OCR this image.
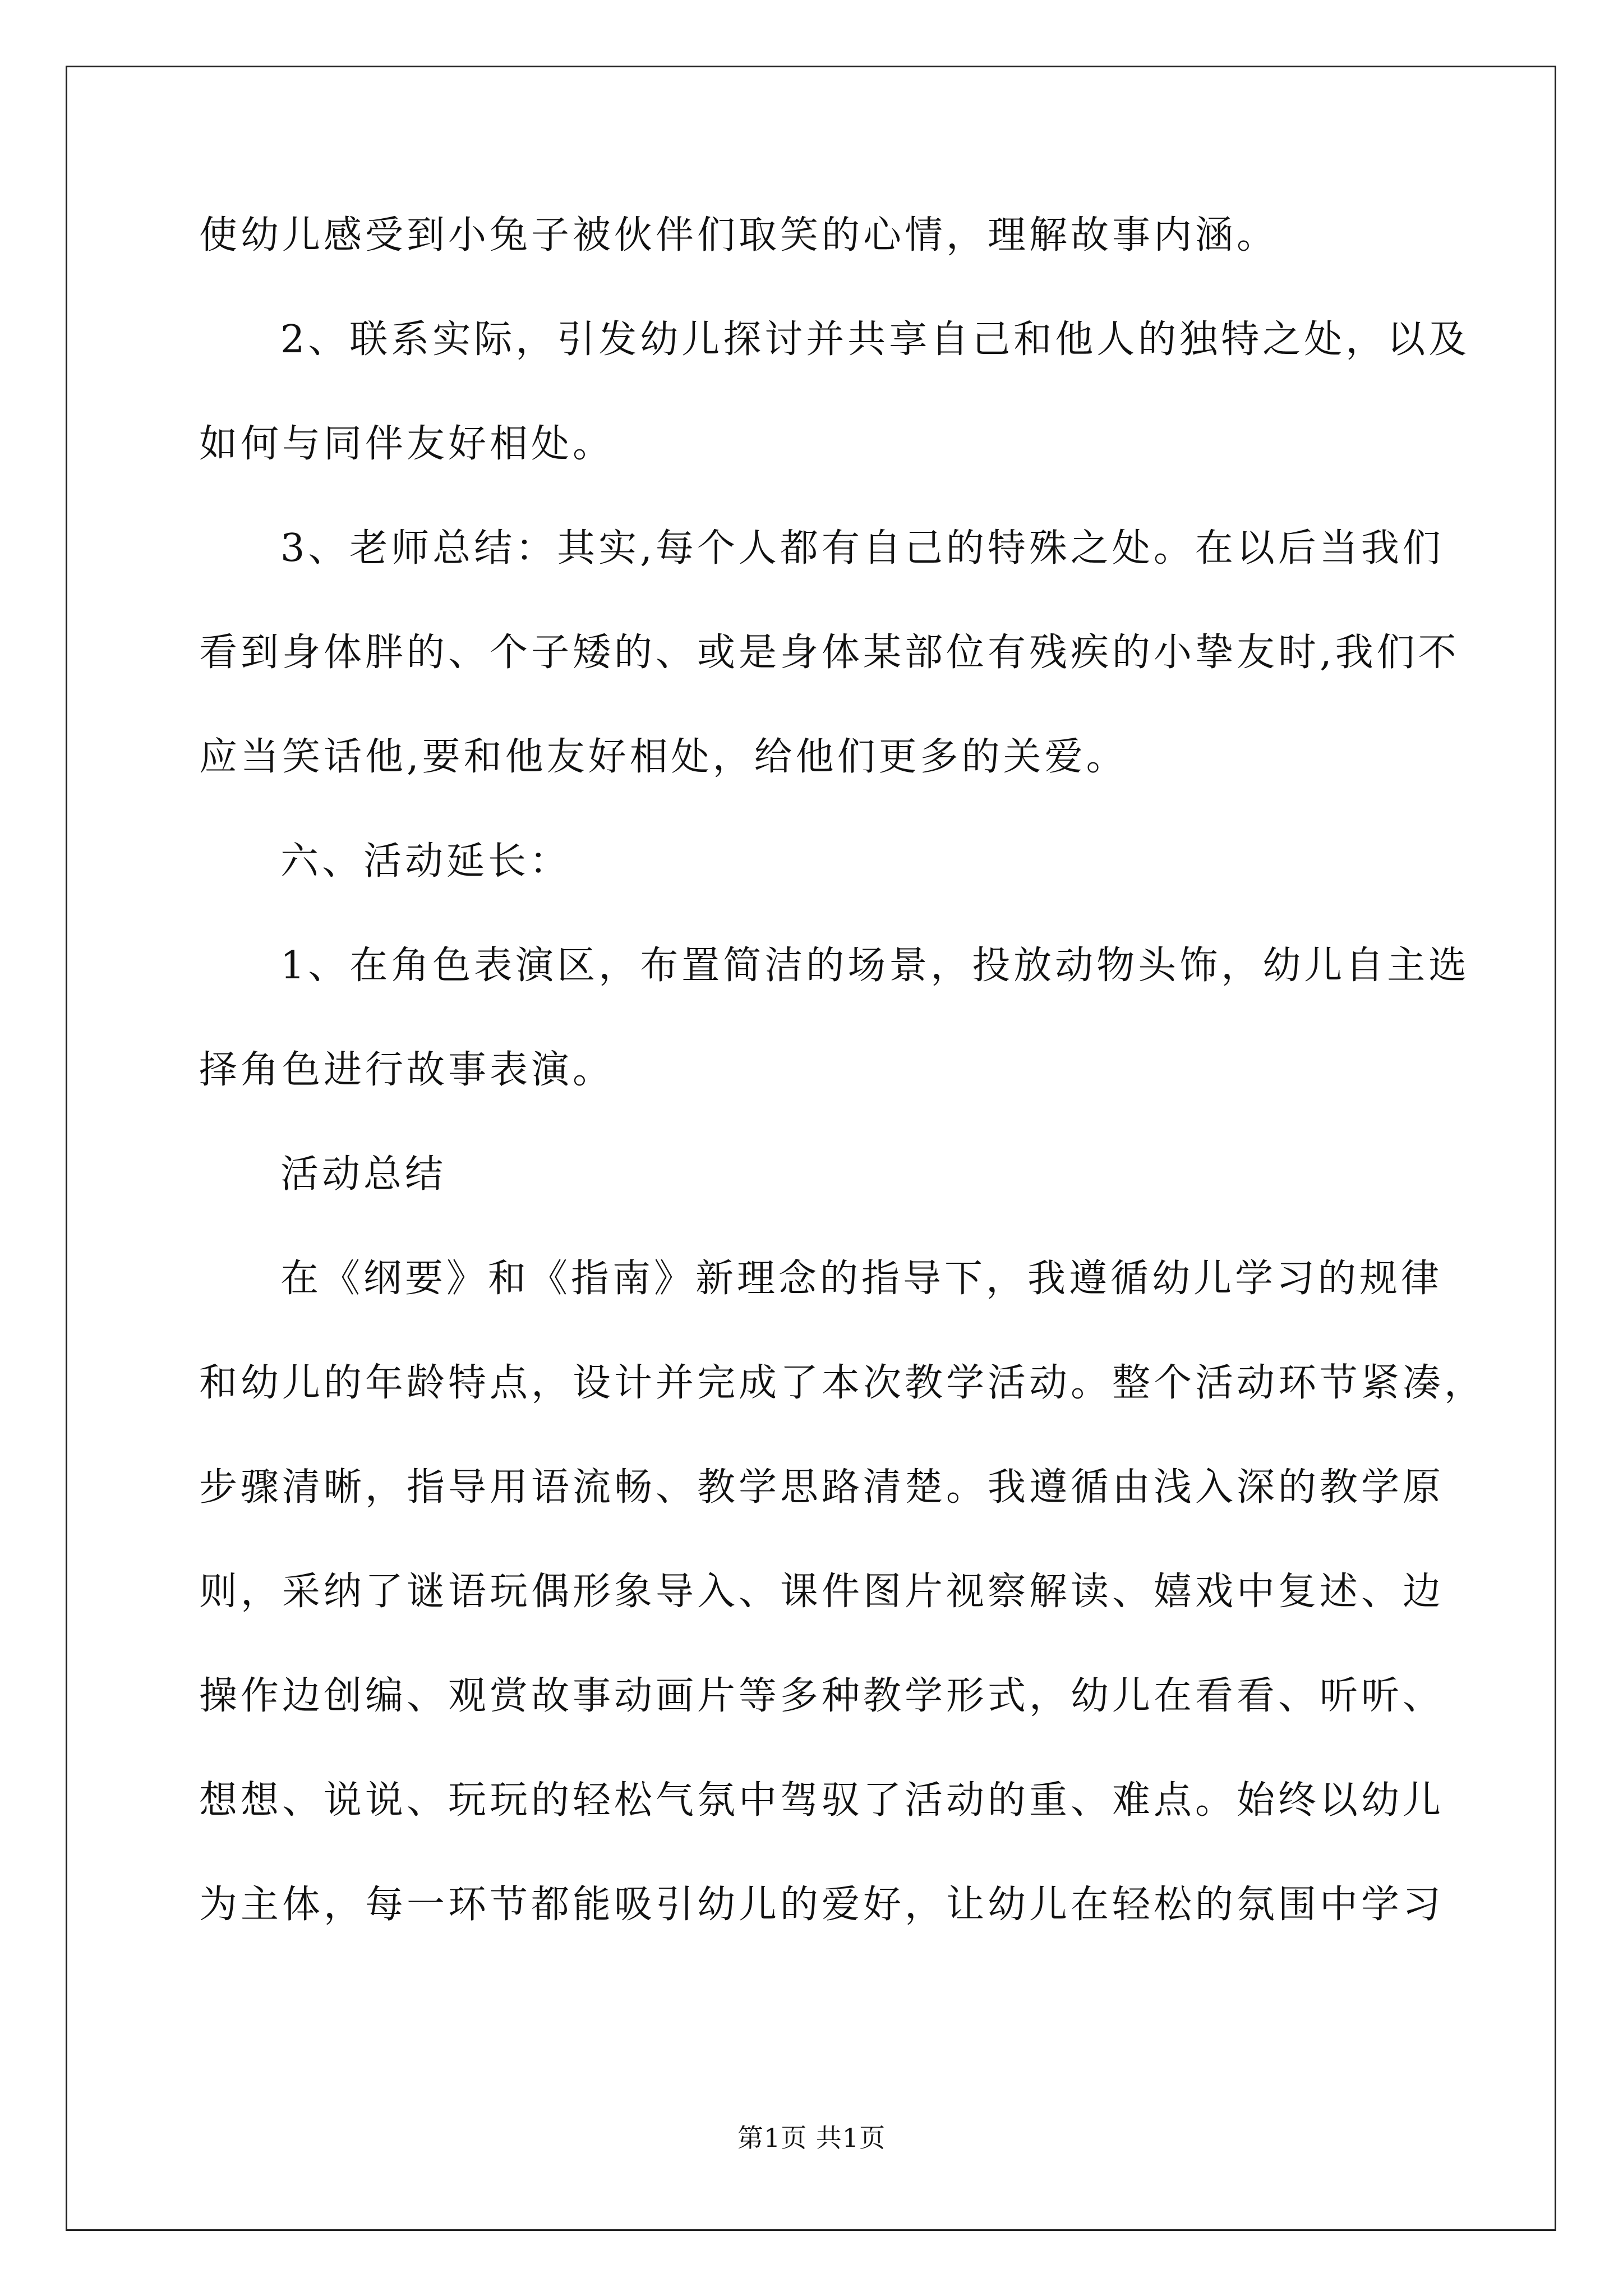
使幼儿感受到小兔子被伙伴们取笑的心情，理解故事内涵。
2、联系实际，引发幼儿探讨并共享自己和他人的独特之处，以及
如何与同伴友好相处。
3、老师总结：其实,每个人都有自己的特殊之处。在以后当我们
看到身体胖的、个子矮的、或是身体某部位有残疾的小挚友时,我们不
应当笑话他,要和他友好相处，给他们更多的关爱。
六、活动延长：
1、在角色表演区，布置简洁的场景，投放动物头饰，幼儿自主选
择角色进行故事表演。
活动总结
在《纲要》和《指南》新理念的指导下，我遵循幼儿学习的规律
和幼儿的年龄特点，设计并完成了本次教学活动。整个活动环节紧凑，
步骤清晰，指导用语流畅、教学思路清楚。我遵循由浅入深的教学原
则，采纳了谜语玩偶形象导入、课件图片视察解读、嬉戏中复述、边
操作边创编、观赏故事动画片等多种教学形式，幼儿在看看、听听、
想想、说说、玩玩的轻松气氛中驾驭了活动的重、难点。始终以幼儿
为主体，每一环节都能吸引幼儿的爱好，让幼儿在轻松的氛围中学习
第1页 共1页
